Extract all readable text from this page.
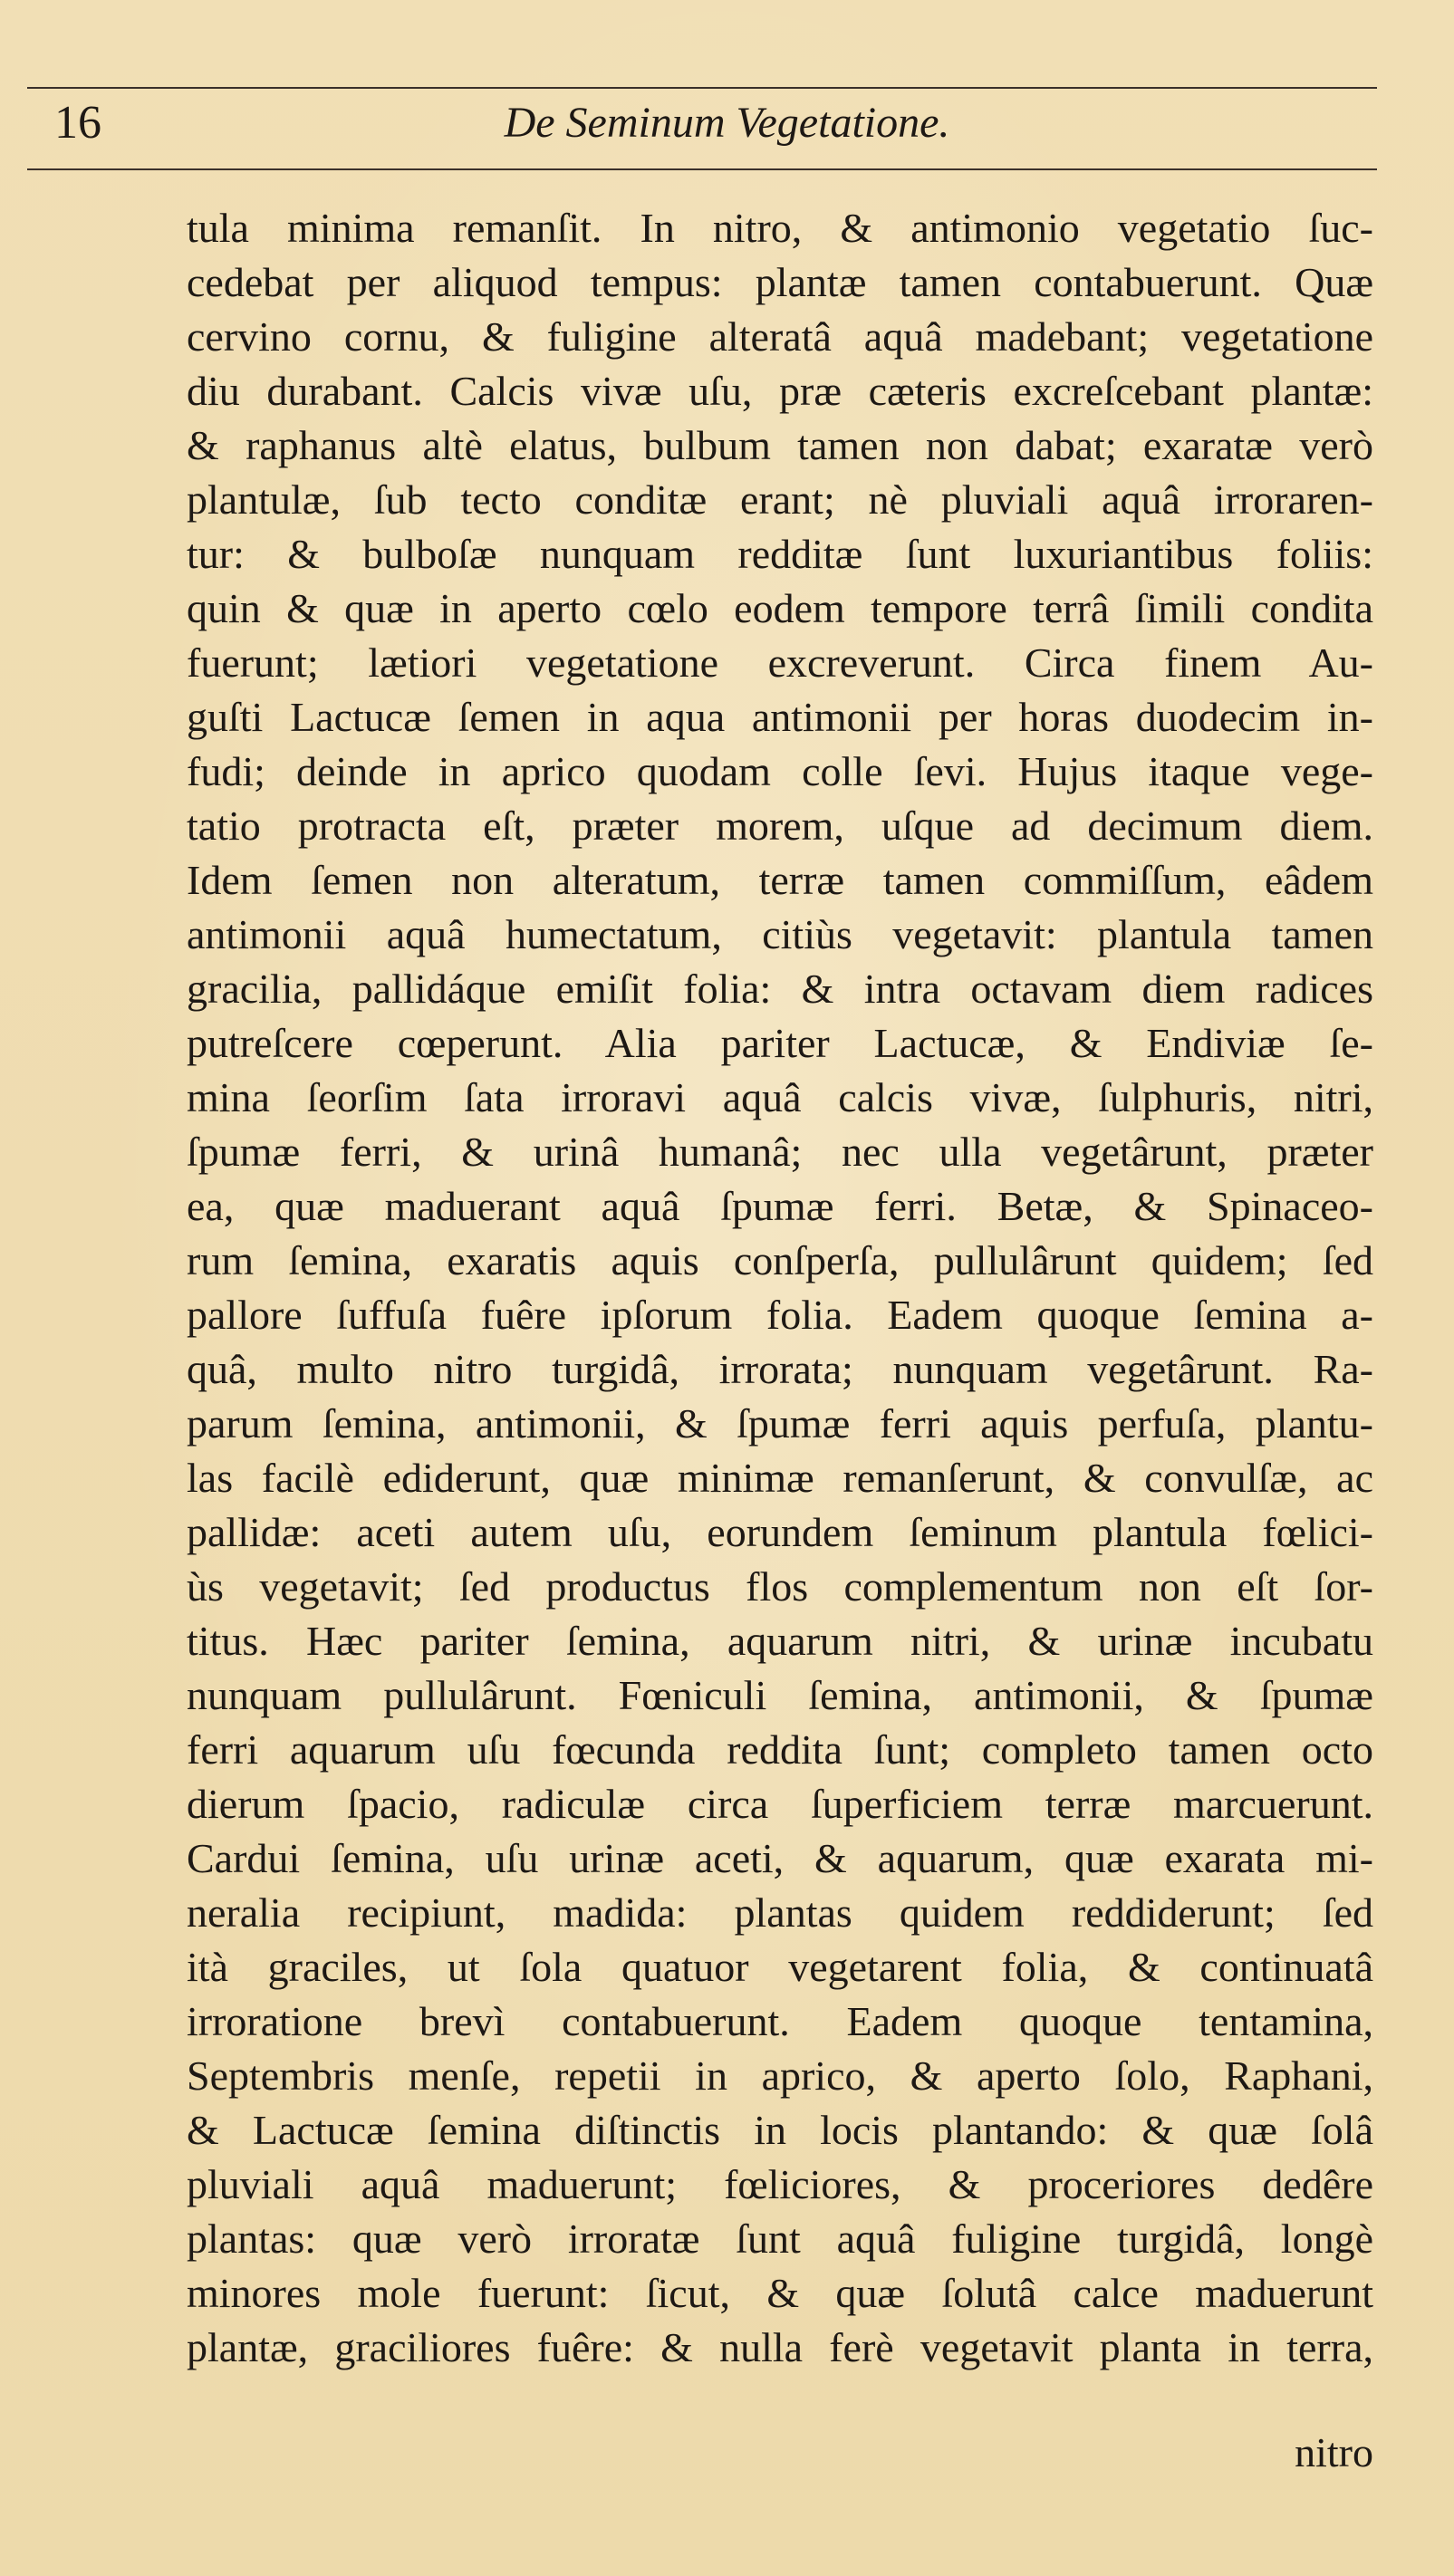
16	De Seminum Vegetatione.
tula minima remanſit. In nitro, & antimonio vegetatio ſuc-
cedebat per aliquod tempus: plantæ tamen contabuerunt. Quæ
cervino cornu, & fuligine alteratâ aquâ madebant; vegetatione
diu durabant. Calcis vivæ uſu, præ cæteris excreſcebant plantæ:
& raphanus altè elatus, bulbum tamen non dabat; exaratæ verò
plantulæ, ſub tecto conditæ erant; nè pluviali aquâ irroraren-
tur: & bulboſæ nunquam redditæ ſunt luxuriantibus foliis:
quin & quæ in aperto cœlo eodem tempore terrâ ſimili condita
fuerunt; lætiori vegetatione excreverunt. Circa finem Au-
guſti Lactucæ ſemen in aqua antimonii per horas duodecim in-
fudi; deinde in aprico quodam colle ſevi. Hujus itaque vege-
tatio protracta eſt, præter morem, uſque ad decimum diem.
Idem ſemen non alteratum, terræ tamen commiſſum, eâdem
antimonii aquâ humectatum, citiùs vegetavit: plantula tamen
gracilia, pallidáque emiſit folia: & intra octavam diem radices
putreſcere cœperunt. Alia pariter Lactucæ, & Endiviæ ſe-
mina ſeorſim ſata irroravi aquâ calcis vivæ, ſulphuris, nitri,
ſpumæ ferri, & urinâ humanâ; nec ulla vegetârunt, præter
ea, quæ maduerant aquâ ſpumæ ferri. Betæ, & Spinaceo-
rum ſemina, exaratis aquis conſperſa, pullulârunt quidem; ſed
pallore ſuffuſa fuêre ipſorum folia. Eadem quoque ſemina a-
quâ, multo nitro turgidâ, irrorata; nunquam vegetârunt. Ra-
parum ſemina, antimonii, & ſpumæ ferri aquis perfuſa, plantu-
las facilè ediderunt, quæ minimæ remanſerunt, & convulſæ, ac
pallidæ: aceti autem uſu, eorundem ſeminum plantula fœlici-
ùs vegetavit; ſed productus flos complementum non eſt ſor-
titus. Hæc pariter ſemina, aquarum nitri, & urinæ incubatu
nunquam pullulârunt. Fœniculi ſemina, antimonii, & ſpumæ
ferri aquarum uſu fœcunda reddita ſunt; completo tamen octo
dierum ſpacio, radiculæ circa ſuperficiem terræ marcuerunt.
Cardui ſemina, uſu urinæ aceti, & aquarum, quæ exarata mi-
neralia recipiunt, madida: plantas quidem reddiderunt; ſed
ità graciles, ut ſola quatuor vegetarent folia, & continuatâ
irroratione brevì contabuerunt. Eadem quoque tentamina,
Septembris menſe, repetii in aprico, & aperto ſolo, Raphani,
& Lactucæ ſemina diſtinctis in locis plantando: & quæ ſolâ
pluviali aquâ maduerunt; fœliciores, & proceriores dedêre
plantas: quæ verò irroratæ ſunt aquâ fuligine turgidâ, longè
minores mole fuerunt: ſicut, & quæ ſolutâ calce maduerunt
plantæ, graciliores fuêre: & nulla ferè vegetavit planta in terra,
nitro
